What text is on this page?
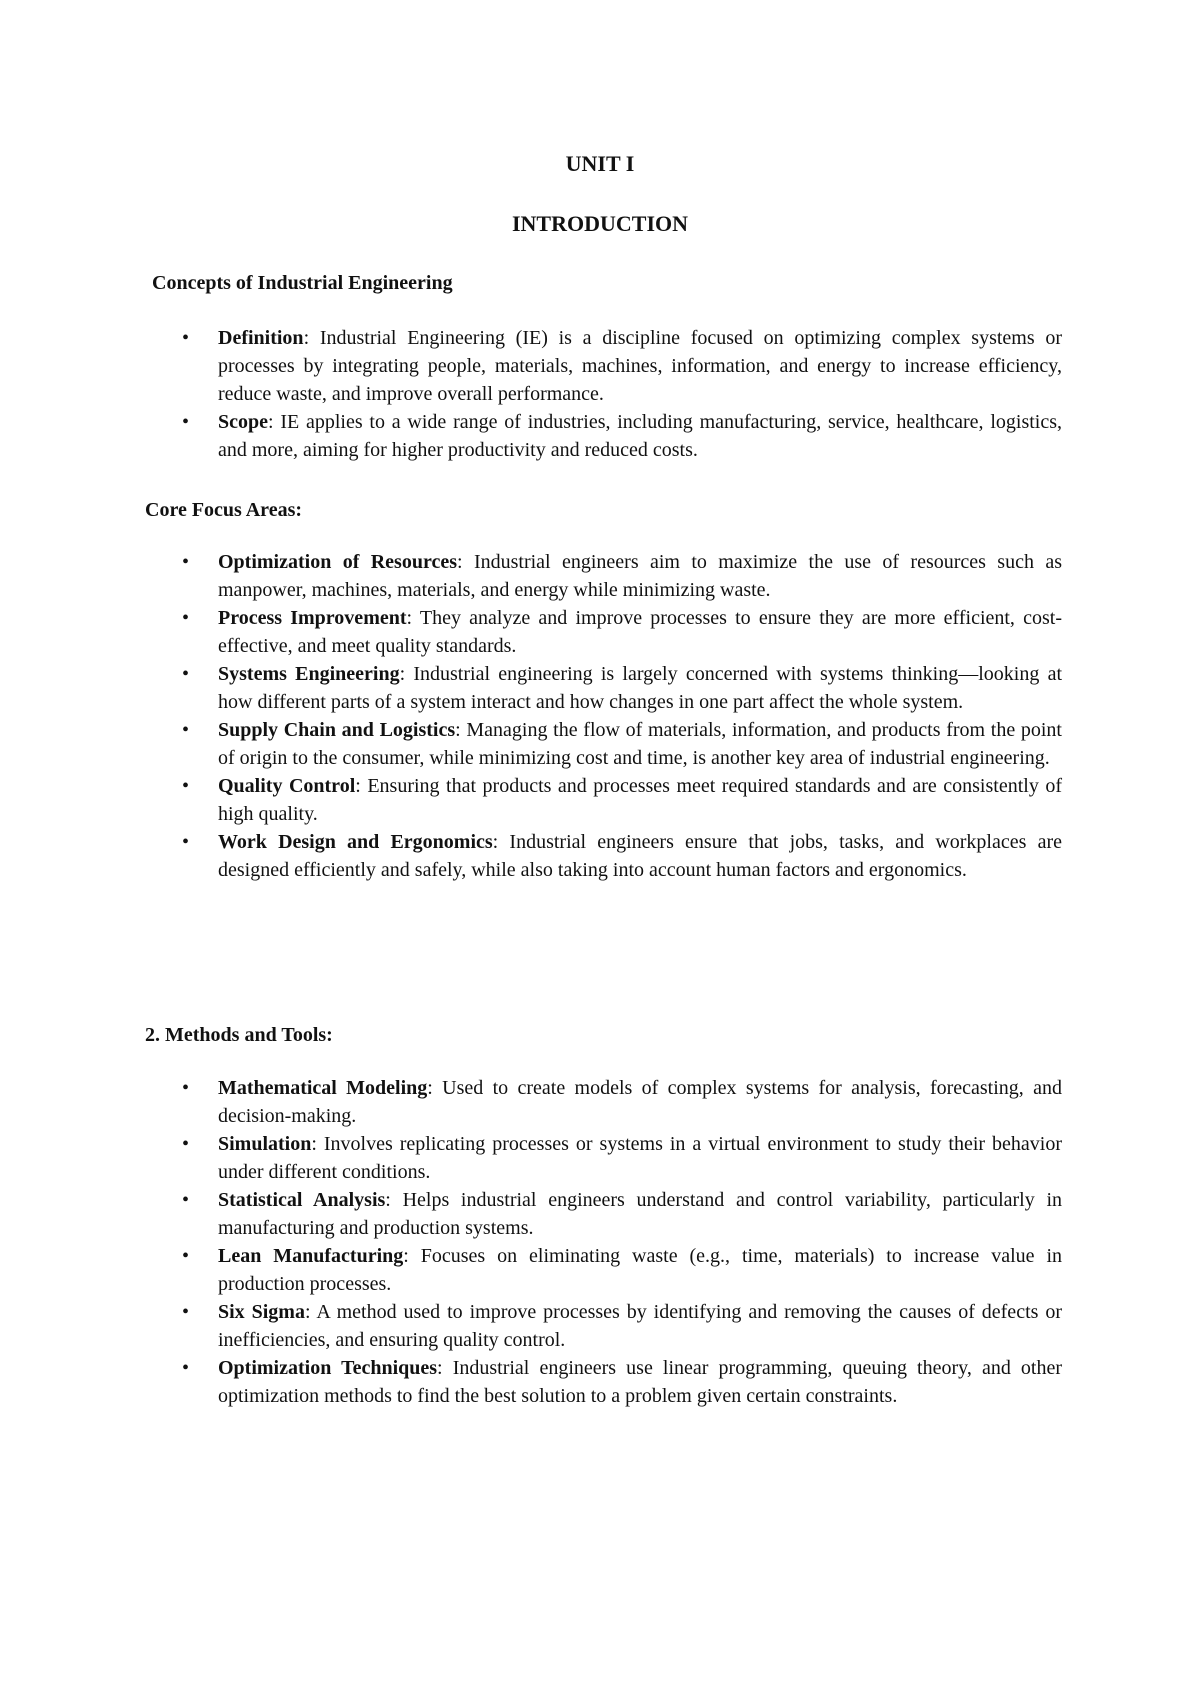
UNIT I
INTRODUCTION
Concepts of Industrial Engineering
• Definition: Industrial Engineering (IE) is a discipline focused on optimizing complex systems or processes by integrating people, materials, machines, information, and energy to increase efficiency, reduce waste, and improve overall performance.
• Scope: IE applies to a wide range of industries, including manufacturing, service, healthcare, logistics, and more, aiming for higher productivity and reduced costs.
Core Focus Areas:
• Optimization of Resources: Industrial engineers aim to maximize the use of resources such as manpower, machines, materials, and energy while minimizing waste.
• Process Improvement: They analyze and improve processes to ensure they are more efficient, cost-effective, and meet quality standards.
• Systems Engineering: Industrial engineering is largely concerned with systems thinking—looking at how different parts of a system interact and how changes in one part affect the whole system.
• Supply Chain and Logistics: Managing the flow of materials, information, and products from the point of origin to the consumer, while minimizing cost and time, is another key area of industrial engineering.
• Quality Control: Ensuring that products and processes meet required standards and are consistently of high quality.
• Work Design and Ergonomics: Industrial engineers ensure that jobs, tasks, and workplaces are designed efficiently and safely, while also taking into account human factors and ergonomics.
2. Methods and Tools:
• Mathematical Modeling: Used to create models of complex systems for analysis, forecasting, and decision-making.
• Simulation: Involves replicating processes or systems in a virtual environment to study their behavior under different conditions.
• Statistical Analysis: Helps industrial engineers understand and control variability, particularly in manufacturing and production systems.
• Lean Manufacturing: Focuses on eliminating waste (e.g., time, materials) to increase value in production processes.
• Six Sigma: A method used to improve processes by identifying and removing the causes of defects or inefficiencies, and ensuring quality control.
• Optimization Techniques: Industrial engineers use linear programming, queuing theory, and other optimization methods to find the best solution to a problem given certain constraints.
